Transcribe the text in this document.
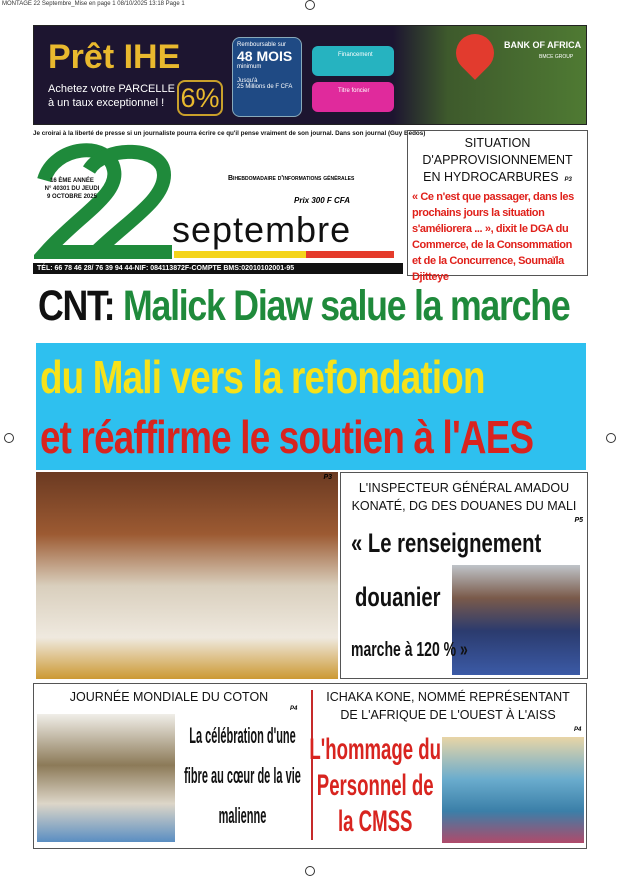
MONTAGE 22 Septembre_Mise en page 1 08/10/2025 13:18 Page 1
Prêt IHE
Achetez votre PARCELLE
à un taux exceptionnel ! 6%
Remboursable sur
48 MOIS
minimum
Jusqu'à
25 Millions de F CFA
Financement
Titre foncier
BANK OF AFRICA
BMCE GROUP
Je croirai à la liberté de presse si un journaliste pourra écrire ce qu'il pense vraiment de son journal. Dans son journal (Guy Bedos)
16 ÈME ANNÉE
N° 40301 DU JEUDI
9 OCTOBRE 2025
Bihebdomadaire d'informations générales
Prix 300 F CFA
septembre
TÉL: 66 78 46 28/ 76 39 94 44-NIF: 084113872F-COMPTE BMS:02010102001-95
SITUATION D'APPROVISIONNEMENT
EN HYDROCARBURES P3
« Ce n'est que passager, dans les prochains jours la situation s'améliorera ... », dixit le DGA du Commerce, de la Consommation et de la Concurrence, Soumaïla Djitteye
CNT: Malick Diaw salue la marche
du Mali vers la refondation
et réaffirme le soutien à l'AES
P3
L'INSPECTEUR GÉNÉRAL AMADOU KONATÉ, DG DES DOUANES DU MALI
P5
« Le renseignement
douanier
marche à 120 % »
JOURNÉE MONDIALE DU COTON
P4
La célébration d'une fibre au cœur de la vie malienne
ICHAKA KONE, NOMMÉ REPRÉSENTANT DE L'AFRIQUE DE L'OUEST À L'AISS
P4
L'hommage du Personnel de la CMSS
